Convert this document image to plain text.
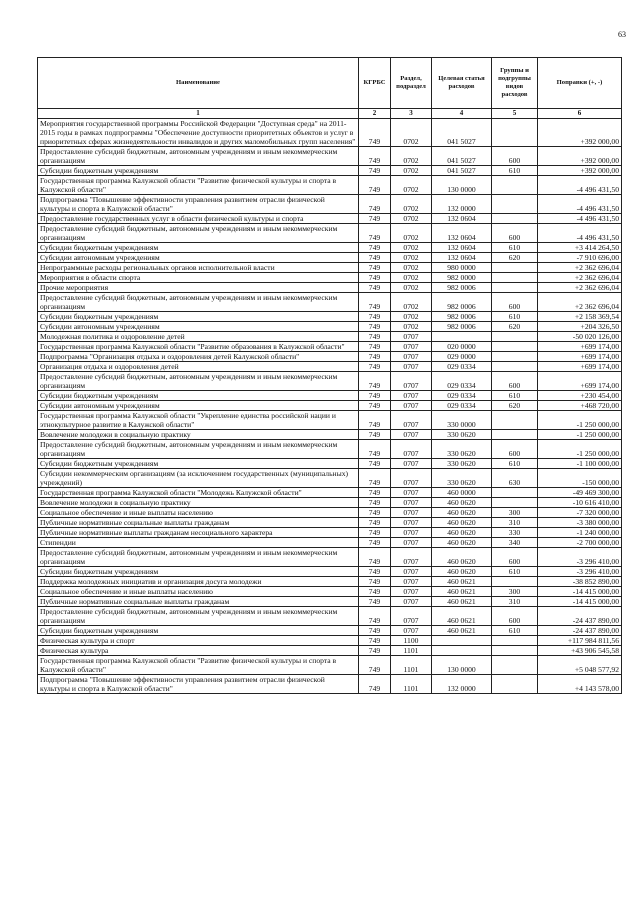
63
Наименование	КГРБС	Раздел, подраздел	Целевая статья расходов	Группы и подгруппы видов расходов	Поправки (+, -)
1	2	3	4	5	6
Мероприятия государственной программы Российской Федерации "Доступная среда" на 2011-2015 годы в рамках подпрограммы "Обеспечение доступности приоритетных объектов и услуг в приоритетных сферах жизнедеятельности инвалидов и других маломобильных групп населения"	749	0702	041 5027		+392 000,00
Предоставление субсидий бюджетным, автономным учреждениям и иным некоммерческим организациям	749	0702	041 5027	600	+392 000,00
Субсидии бюджетным учреждениям	749	0702	041 5027	610	+392 000,00
Государственная программа Калужской области "Развитие физической культуры и спорта в Калужской области"	749	0702	130 0000		-4 496 431,50
Подпрограмма "Повышение эффективности управления развитием отрасли физической культуры и спорта в Калужской области"	749	0702	132 0000		-4 496 431,50
Предоставление государственных услуг в области физической культуры и спорта	749	0702	132 0604		-4 496 431,50
Предоставление субсидий бюджетным, автономным учреждениям и иным некоммерческим организациям	749	0702	132 0604	600	-4 496 431,50
Субсидии бюджетным учреждениям	749	0702	132 0604	610	+3 414 264,50
Субсидии автономным учреждениям	749	0702	132 0604	620	-7 910 696,00
Непрограммные расходы региональных органов исполнительной власти	749	0702	980 0000		+2 362 696,04
Мероприятия в области спорта	749	0702	982 0000		+2 362 696,04
Прочие мероприятия	749	0702	982 0006		+2 362 696,04
Предоставление субсидий бюджетным, автономным учреждениям и иным некоммерческим организациям	749	0702	982 0006	600	+2 362 696,04
Субсидии бюджетным учреждениям	749	0702	982 0006	610	+2 158 369,54
Субсидии автономным учреждениям	749	0702	982 0006	620	+204 326,50
Молодежная политика и оздоровление детей	749	0707			-50 020 126,00
Государственная программа Калужской области "Развитие образования в Калужской области"	749	0707	020 0000		+699 174,00
Подпрограмма "Организация отдыха и оздоровления детей Калужской области"	749	0707	029 0000		+699 174,00
Организация отдыха и оздоровления детей	749	0707	029 0334		+699 174,00
Предоставление субсидий бюджетным, автономным учреждениям и иным некоммерческим организациям	749	0707	029 0334	600	+699 174,00
Субсидии бюджетным учреждениям	749	0707	029 0334	610	+230 454,00
Субсидии автономным учреждениям	749	0707	029 0334	620	+468 720,00
Государственная программа Калужской области "Укрепление единства российской нации и этнокультурное развитие в Калужской области"	749	0707	330 0000		-1 250 000,00
Вовлечение молодежи в социальную практику	749	0707	330 0620		-1 250 000,00
Предоставление субсидий бюджетным, автономным учреждениям и иным некоммерческим организациям	749	0707	330 0620	600	-1 250 000,00
Субсидии бюджетным учреждениям	749	0707	330 0620	610	-1 100 000,00
Субсидии некоммерческим организациям (за исключением государственных (муниципальных) учреждений)	749	0707	330 0620	630	-150 000,00
Государственная программа Калужской области "Молодежь Калужской области"	749	0707	460 0000		-49 469 300,00
Вовлечение молодежи в социальную практику	749	0707	460 0620		-10 616 410,00
Социальное обеспечение и иные выплаты населению	749	0707	460 0620	300	-7 320 000,00
Публичные нормативные социальные выплаты гражданам	749	0707	460 0620	310	-3 380 000,00
Публичные нормативные выплаты гражданам несоциального характера	749	0707	460 0620	330	-1 240 000,00
Стипендии	749	0707	460 0620	340	-2 700 000,00
Предоставление субсидий бюджетным, автономным учреждениям и иным некоммерческим организациям	749	0707	460 0620	600	-3 296 410,00
Субсидии бюджетным учреждениям	749	0707	460 0620	610	-3 296 410,00
Поддержка молодежных инициатив и организация досуга молодежи	749	0707	460 0621		-38 852 890,00
Социальное обеспечение и иные выплаты населению	749	0707	460 0621	300	-14 415 000,00
Публичные нормативные социальные выплаты гражданам	749	0707	460 0621	310	-14 415 000,00
Предоставление субсидий бюджетным, автономным учреждениям и иным некоммерческим организациям	749	0707	460 0621	600	-24 437 890,00
Субсидии бюджетным учреждениям	749	0707	460 0621	610	-24 437 890,00
Физическая культура и спорт	749	1100			+117 984 811,56
Физическая культура	749	1101			+43 906 545,58
Государственная программа Калужской области "Развитие физической культуры и спорта в Калужской области"	749	1101	130 0000		+5 048 577,92
Подпрограмма "Повышение эффективности управления развитием отрасли физической культуры и спорта в Калужской области"	749	1101	132 0000		+4 143 578,00
